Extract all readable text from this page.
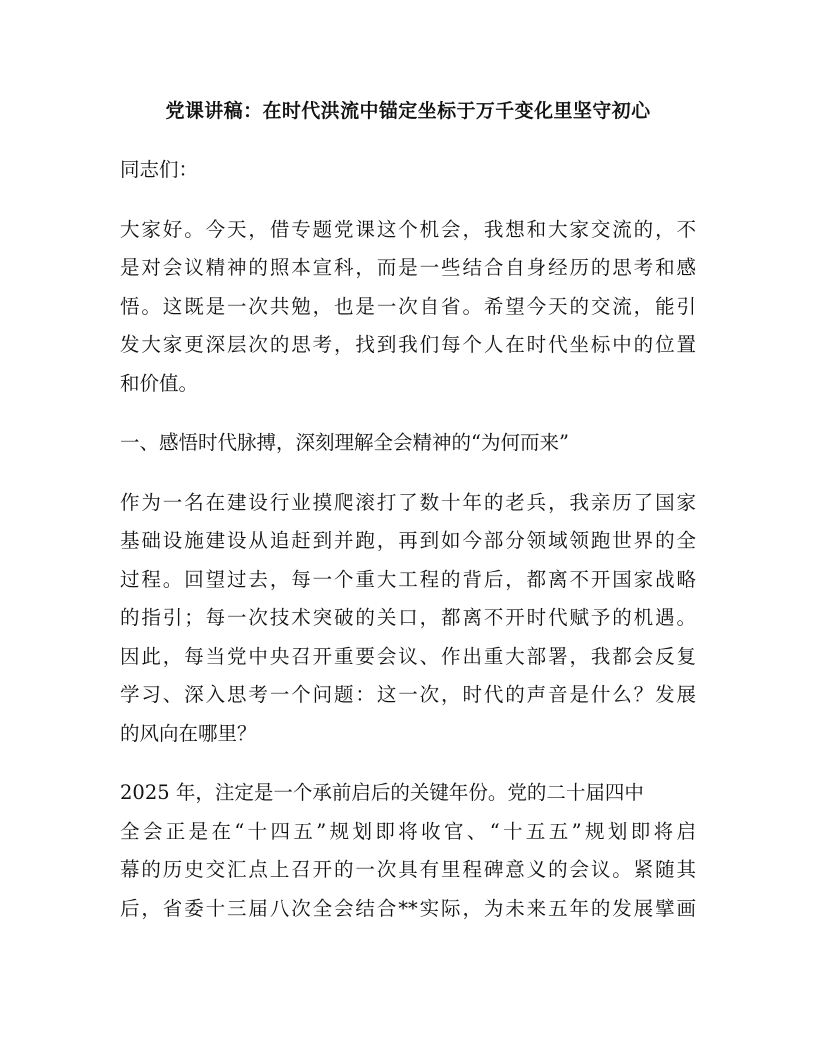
党课讲稿：在时代洪流中锚定坐标于万千变化里坚守初心
同志们：
大家好。今天，借专题党课这个机会，我想和大家交流的，不
是对会议精神的照本宣科，而是一些结合自身经历的思考和感
悟。这既是一次共勉，也是一次自省。希望今天的交流，能引
发大家更深层次的思考，找到我们每个人在时代坐标中的位置
和价值。
一、感悟时代脉搏，深刻理解全会精神的“为何而来”
作为一名在建设行业摸爬滚打了数十年的老兵，我亲历了国家
基础设施建设从追赶到并跑，再到如今部分领域领跑世界的全
过程。回望过去，每一个重大工程的背后，都离不开国家战略
的指引；每一次技术突破的关口，都离不开时代赋予的机遇。
因此，每当党中央召开重要会议、作出重大部署，我都会反复
学习、深入思考一个问题：这一次，时代的声音是什么？发展
的风向在哪里？
2025 年，注定是一个承前启后的关键年份。党的二十届四中
全会正是在“十四五”规划即将收官、“十五五”规划即将启
幕的历史交汇点上召开的一次具有里程碑意义的会议。紧随其
后，省委十三届八次全会结合**实际，为未来五年的发展擘画
